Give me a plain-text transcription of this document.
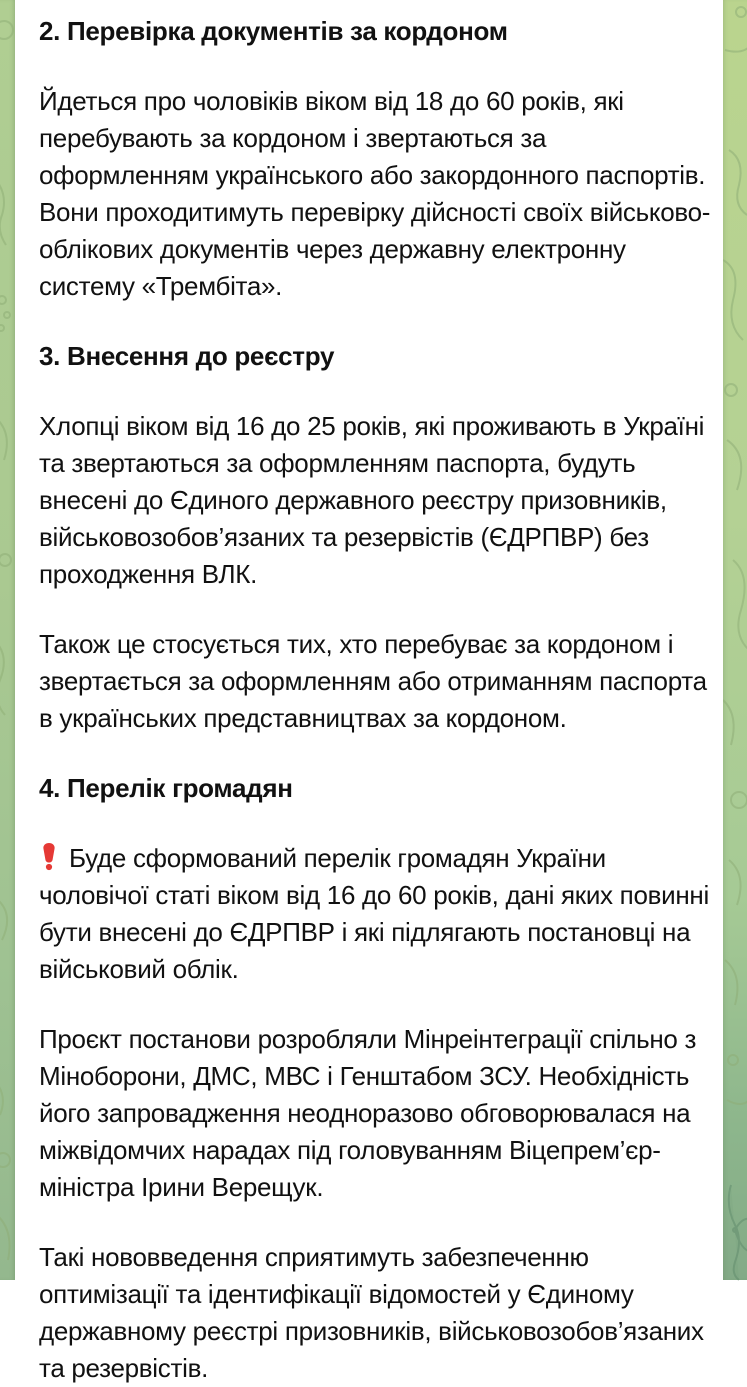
2. Перевірка документів за кордоном

Йдеться про чоловіків віком від 18 до 60 років, які перебувають за кордоном і звертаються за оформленням українського або закордонного паспортів. Вони проходитимуть перевірку дійсності своїх військово-облікових документів через державну електронну систему «Трембіта».

3. Внесення до реєстру

Хлопці віком від 16 до 25 років, які проживають в Україні та звертаються за оформленням паспорта, будуть внесені до Єдиного державного реєстру призовників, військовозобов’язаних та резервістів (ЄДРПВР) без проходження ВЛК.

Також це стосується тих, хто перебуває за кордоном і звертається за оформленням або отриманням паспорта в українських представництвах за кордоном.

4. Перелік громадян

Буде сформований перелік громадян України чоловічої статі віком від 16 до 60 років, дані яких повинні бути внесені до ЄДРПВР і які підлягають постановці на військовий облік.

Проєкт постанови розробляли Мінреінтеграції спільно з Міноборони, ДМС, МВС і Генштабом ЗСУ. Необхідність його запровадження неодноразово обговорювалася на міжвідомчих нарадах під головуванням Віцепрем’єр-міністра Ірини Верещук.

Такі нововведення сприятимуть забезпеченню оптимізації та ідентифікації відомостей у Єдиному державному реєстрі призовників, військовозобов’язаних та резервістів.
